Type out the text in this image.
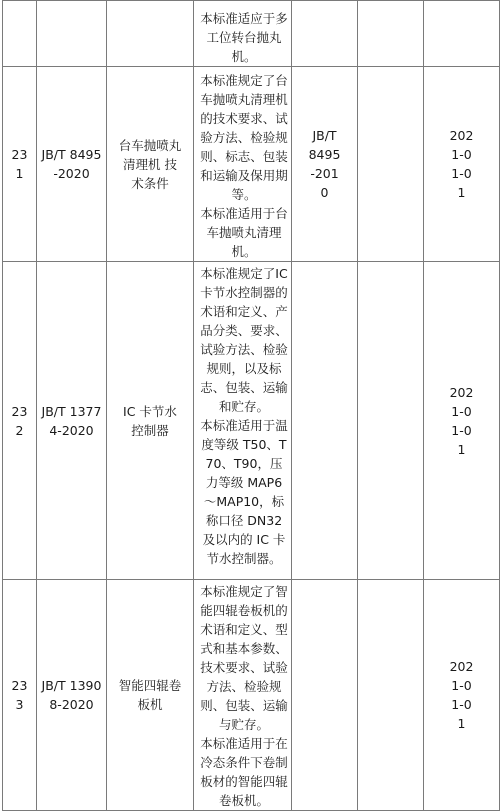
			本标准适应于多工位转台抛丸机。			

231	JB/T 8495-2020	台车抛喷丸清理机 技术条件	本标准规定了台车抛喷丸清理机的技术要求、试验方法、检验规则、标志、包装和运输及保用期等。
本标准适用于台车抛喷丸清理机。	JB/T 8495-2010		2021-01-01
232	JB/T 13774-2020	IC 卡节水控制器	本标准规定了IC 卡节水控制器的术语和定义、产品分类、要求、试验方法、检验规则，以及标志、包装、运输和贮存。
本标准适用于温度等级 T50、T70、T90，压力等级 MAP6～MAP10，标称口径 DN32 及以内的 IC 卡节水控制器。			2021-01-01
233	JB/T 13908-2020	智能四辊卷板机	本标准规定了智能四辊卷板机的术语和定义、型式和基本参数、技术要求、试验方法、检验规则、包装、运输与贮存。
本标准适用于在冷态条件下卷制板材的智能四辊卷板机。			2021-01-01
